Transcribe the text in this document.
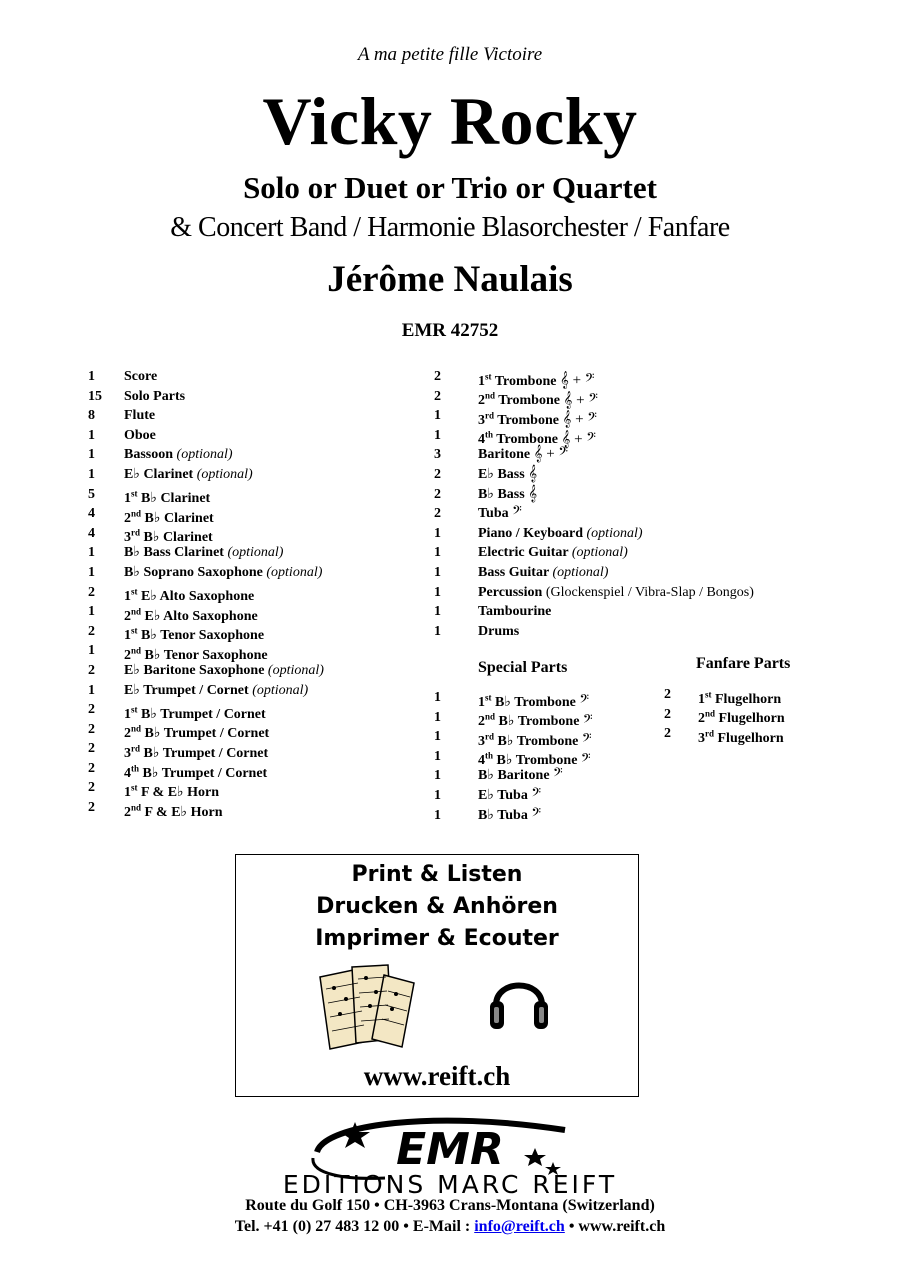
A ma petite fille Victoire
Vicky Rocky
Solo or Duet or Trio or Quartet
& Concert Band / Harmonie Blasorchester / Fanfare
Jérôme Naulais
EMR 42752
1 Score
15 Solo Parts
8 Flute
1 Oboe
1 Bassoon (optional)
1 E♭ Clarinet (optional)
5 1st B♭ Clarinet
4 2nd B♭ Clarinet
4 3rd B♭ Clarinet
1 B♭ Bass Clarinet (optional)
1 B♭ Soprano Saxophone (optional)
2 1st E♭ Alto Saxophone
1 2nd E♭ Alto Saxophone
2 1st B♭ Tenor Saxophone
1 2nd B♭ Tenor Saxophone
2 E♭ Baritone Saxophone (optional)
1 E♭ Trumpet / Cornet (optional)
2 1st B♭ Trumpet / Cornet
2 2nd B♭ Trumpet / Cornet
2 3rd B♭ Trumpet / Cornet
2 4th B♭ Trumpet / Cornet
2 1st F & E♭ Horn
2 2nd F & E♭ Horn
2	1st Trombone 𝄞 + 𝄢
2	2nd Trombone 𝄞 + 𝄢
1	3rd Trombone 𝄞 + 𝄢
1	4th Trombone 𝄞 + 𝄢
3	Baritone 𝄞 + 𝄢
2	E♭ Bass 𝄞
2	B♭ Bass 𝄞
2	Tuba 𝄢
1	Piano / Keyboard (optional)
1	Electric Guitar (optional)
1	Bass Guitar (optional)
1	Percussion (Glockenspiel / Vibra-Slap / Bongos)
1	Tambourine
1	Drums
Special Parts
1	1st B♭ Trombone 𝄢
1	2nd B♭ Trombone 𝄢
1	3rd B♭ Trombone 𝄢
1	4th B♭ Trombone 𝄢
1	B♭ Baritone 𝄢
1	E♭ Tuba 𝄢
1	B♭ Tuba 𝄢
Fanfare Parts
2 1st Flugelhorn
2 2nd Flugelhorn
2 3rd Flugelhorn
Print & Listen
Drucken & Anhören
Imprimer & Ecouter
www.reift.ch
EMR
EDITIONS MARC REIFT
Route du Golf 150 • CH-3963 Crans-Montana (Switzerland)
Tel. +41 (0) 27 483 12 00 • E-Mail : info@reift.ch • www.reift.ch
